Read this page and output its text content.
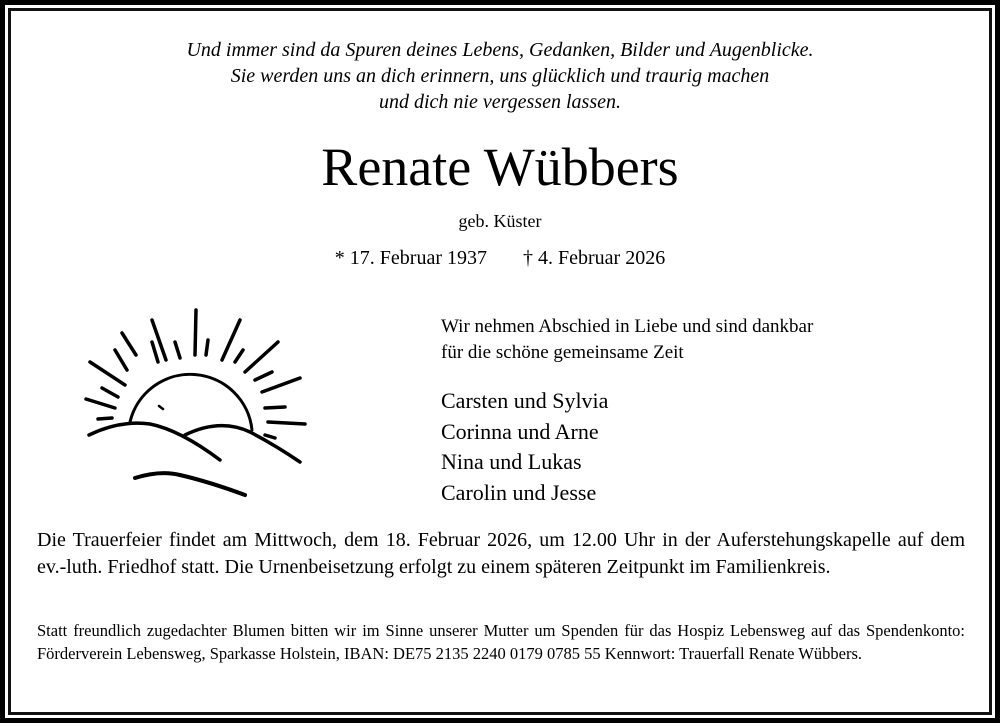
Und immer sind da Spuren deines Lebens, Gedanken, Bilder und Augenblicke.
Sie werden uns an dich erinnern, uns glücklich und traurig machen
und dich nie vergessen lassen.
Renate Wübbers
geb. Küster
* 17. Februar 1937 † 4. Februar 2026
Wir nehmen Abschied in Liebe und sind dankbar
für die schöne gemeinsame Zeit
Carsten und Sylvia
Corinna und Arne
Nina und Lukas
Carolin und Jesse
Die Trauerfeier findet am Mittwoch, dem 18. Februar 2026, um 12.00 Uhr in der Auferstehungskapelle auf dem ev.-luth. Friedhof statt. Die Urnenbeisetzung erfolgt zu einem späteren Zeitpunkt im Familienkreis.
Statt freundlich zugedachter Blumen bitten wir im Sinne unserer Mutter um Spenden für das Hospiz Lebensweg auf das Spendenkonto: Förderverein Lebensweg, Sparkasse Holstein, IBAN: DE75 2135 2240 0179 0785 55 Kennwort: Trauerfall Renate Wübbers.
